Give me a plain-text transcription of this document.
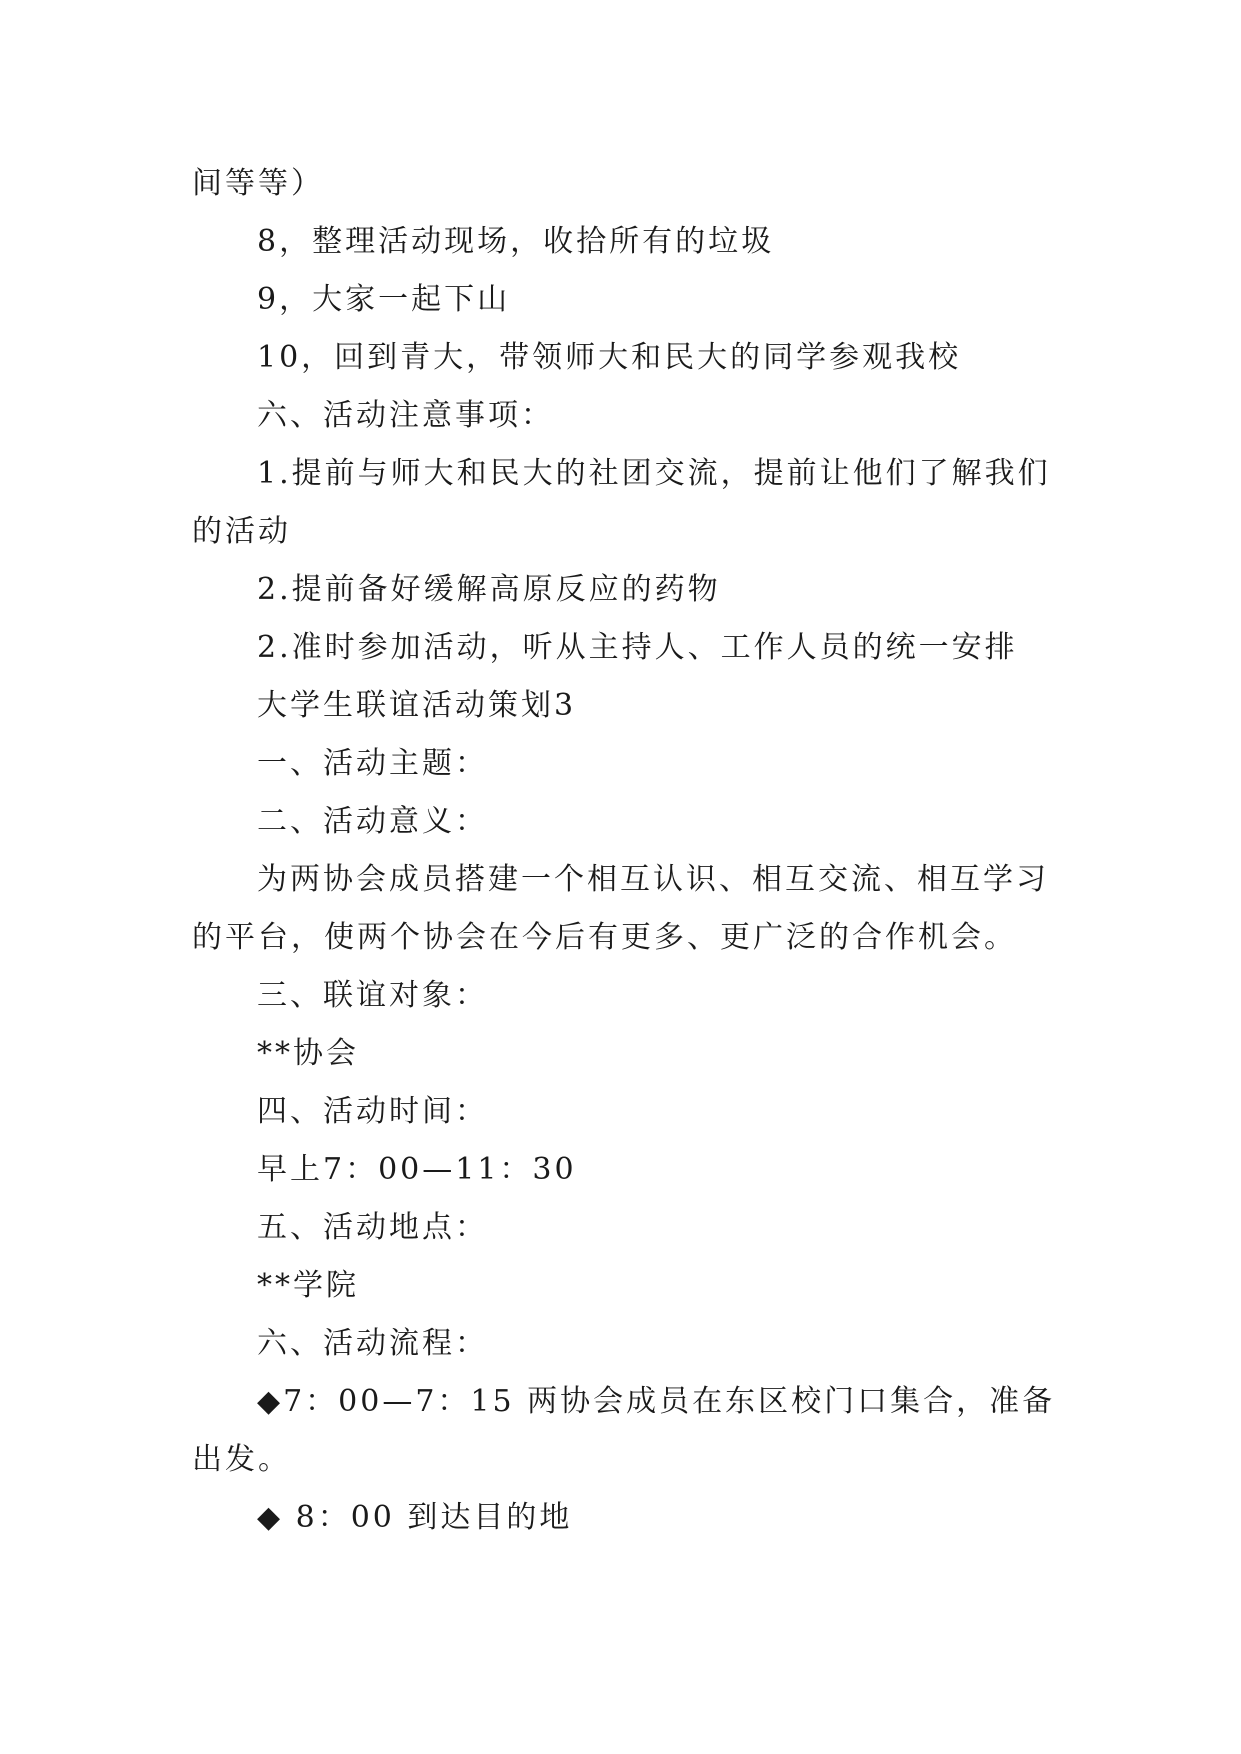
间等等）
8，整理活动现场，收拾所有的垃圾
9，大家一起下山
10，回到青大，带领师大和民大的同学参观我校
六、活动注意事项：
1.提前与师大和民大的社团交流，提前让他们了解我们
的活动
2.提前备好缓解高原反应的药物
2.准时参加活动，听从主持人、工作人员的统一安排
大学生联谊活动策划3
一、活动主题：
二、活动意义：
为两协会成员搭建一个相互认识、相互交流、相互学习
的平台，使两个协会在今后有更多、更广泛的合作机会。
三、联谊对象：
**协会
四、活动时间：
早上7：00—11：30
五、活动地点：
**学院
六、活动流程：
◆7：00—7：15 两协会成员在东区校门口集合，准备
出发。
◆ 8：00 到达目的地
